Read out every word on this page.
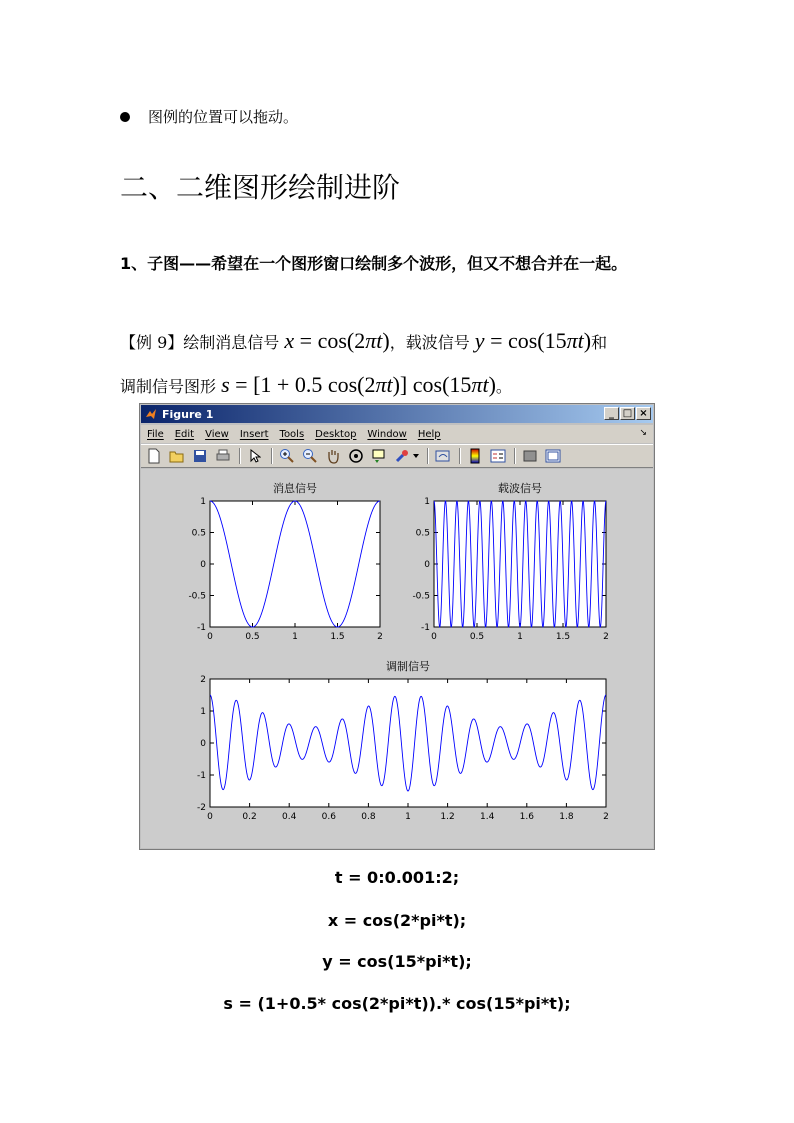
图例的位置可以拖动。
二、二维图形绘制进阶
1、子图——希望在一个图形窗口绘制多个波形，但又不想合并在一起。
【例 9】绘制消息信号 x = cos(2πt)，载波信号 y = cos(15πt)和
调制信号图形 s = [1 + 0.5 cos(2πt)] cos(15πt)。
Figure 1	_ □ ×
File Edit View Insert Tools Desktop Window Help	↘
消息信号
0	0.5	1	1.5	2
1
0.5
0
-0.5
-1
载波信号
0	0.5	1	1.5	2
1
0.5
0
-0.5
-1
调制信号
0	0.2	0.4	0.6	0.8	1	1.2	1.4	1.6	1.8	2
2
1
0
-1
-2
t = 0:0.001:2;
x = cos(2*pi*t);
y = cos(15*pi*t);
s = (1+0.5* cos(2*pi*t)).* cos(15*pi*t);
